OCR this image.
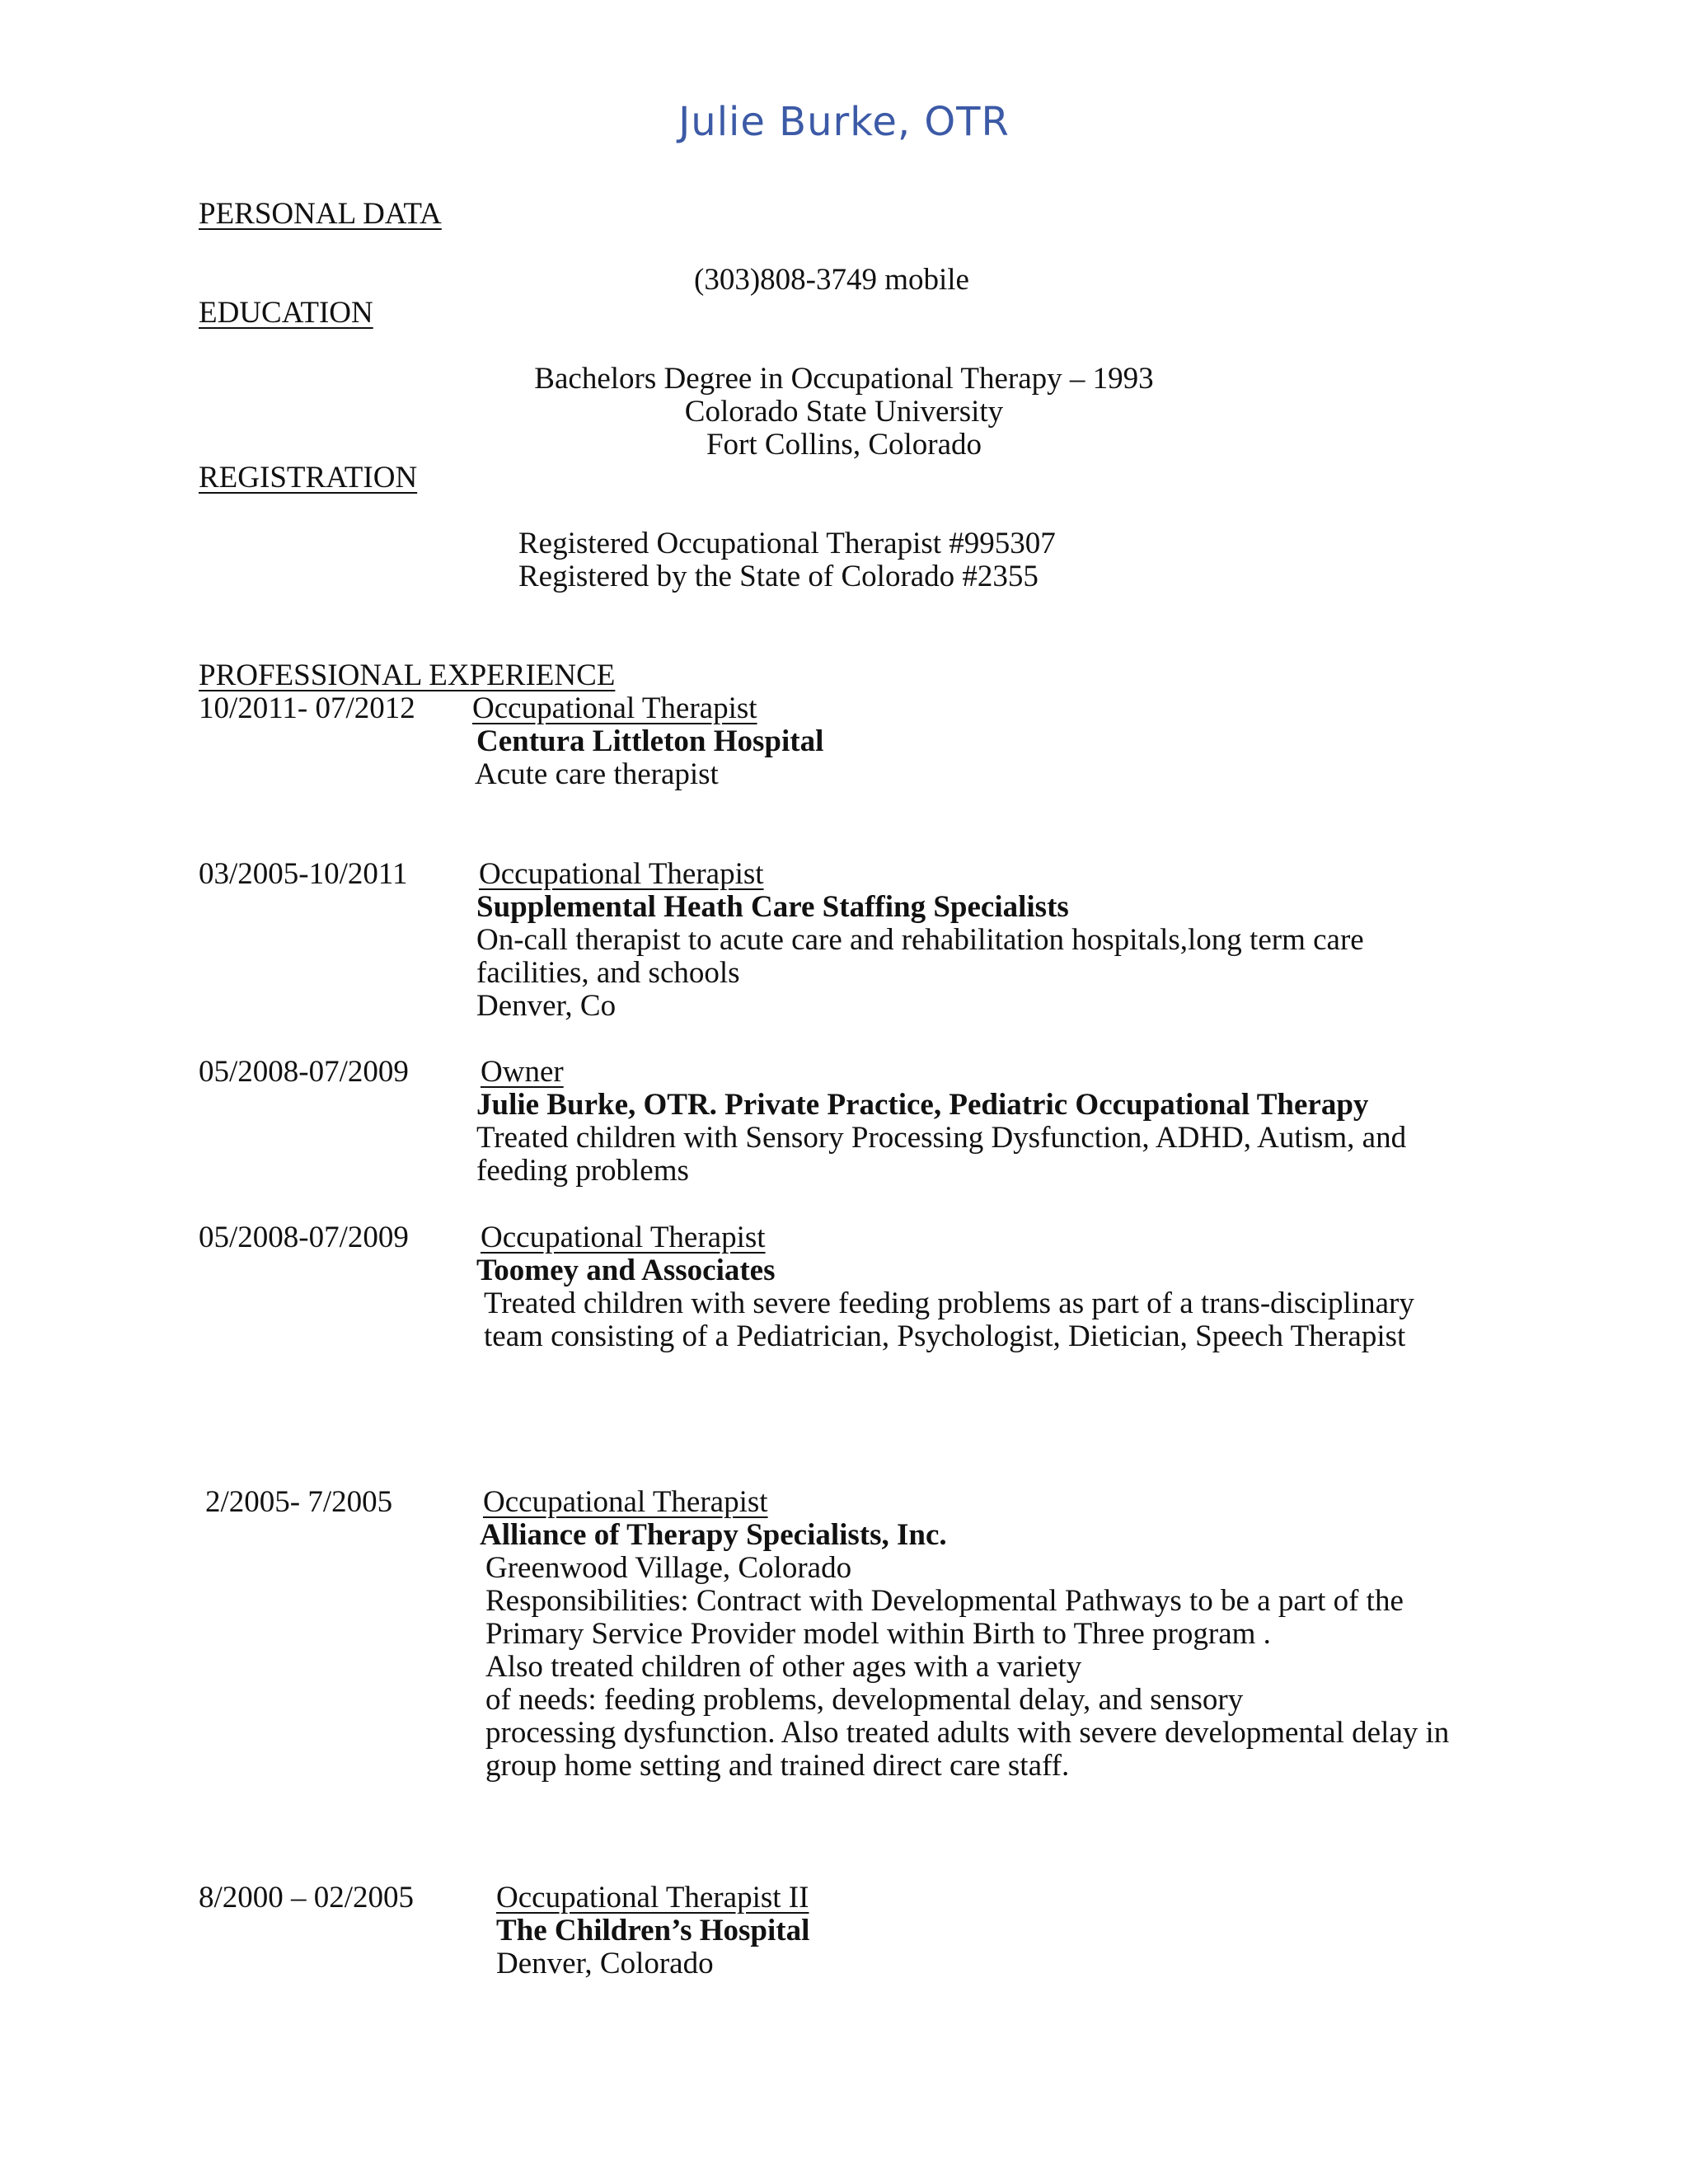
Julie Burke, OTR
PERSONAL DATA
(303)808-3749 mobile
EDUCATION
Bachelors Degree in Occupational Therapy – 1993
Colorado State University
Fort Collins, Colorado
REGISTRATION
Registered Occupational Therapist #995307
Registered by the State of Colorado #2355
PROFESSIONAL EXPERIENCE
10/2011- 07/2012 Occupational Therapist
Centura Littleton Hospital
Acute care therapist
03/2005-10/2011 Occupational Therapist
Supplemental Heath Care Staffing Specialists
On-call therapist to acute care and rehabilitation hospitals,long term care
facilities, and schools
Denver, Co
05/2008-07/2009 Owner
Julie Burke, OTR. Private Practice, Pediatric Occupational Therapy
Treated children with Sensory Processing Dysfunction, ADHD, Autism, and
feeding problems
05/2008-07/2009 Occupational Therapist
Toomey and Associates
Treated children with severe feeding problems as part of a trans-disciplinary
team consisting of a Pediatrician, Psychologist, Dietician, Speech Therapist
2/2005- 7/2005	Occupational Therapist
Alliance of Therapy Specialists, Inc.
Greenwood Village, Colorado
Responsibilities: Contract with Developmental Pathways to be a part of the
Primary Service Provider model within Birth to Three program .
Also treated children of other ages with a variety
of needs: feeding problems, developmental delay, and sensory
processing dysfunction. Also treated adults with severe developmental delay in
group home setting and trained direct care staff.
8/2000 – 02/2005	Occupational Therapist II
The Children’s Hospital
Denver, Colorado
